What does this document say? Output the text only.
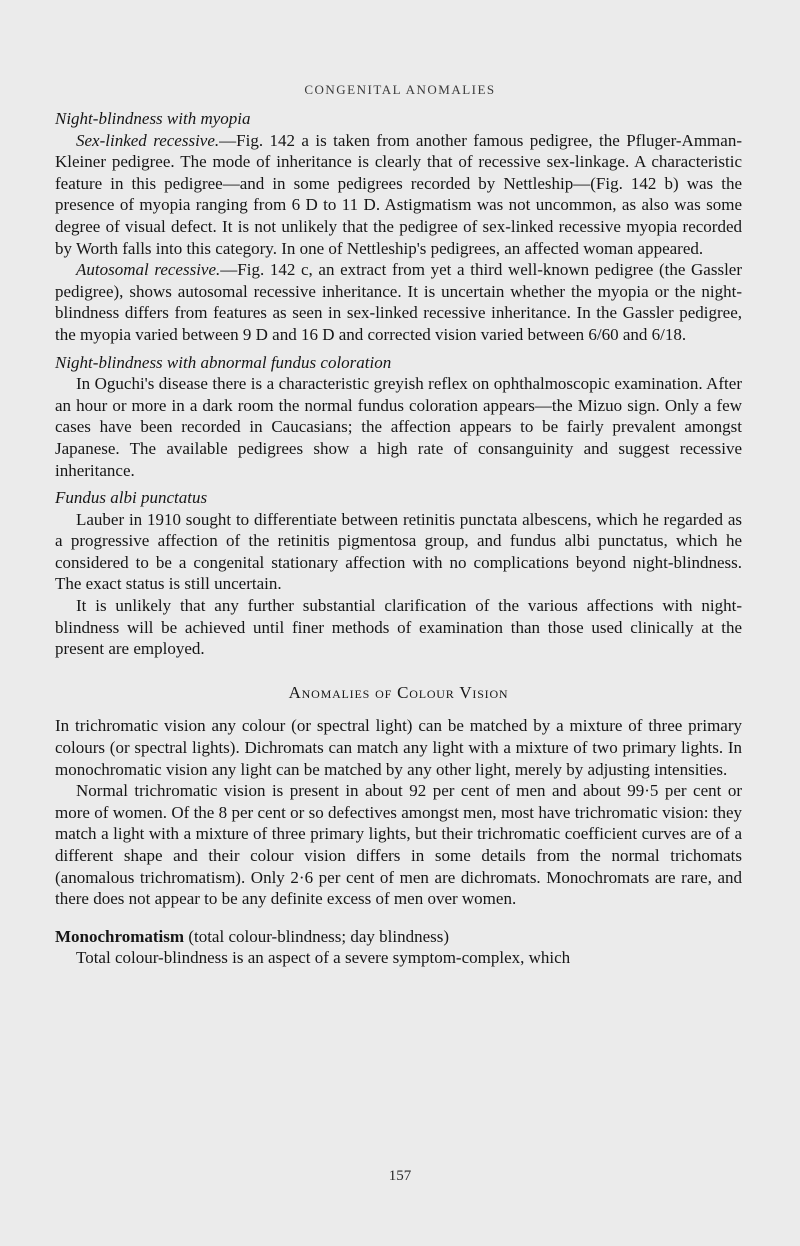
CONGENITAL ANOMALIES
Night-blindness with myopia

Sex-linked recessive.—Fig. 142 a is taken from another famous pedigree, the Pfluger-Amman-Kleiner pedigree. The mode of inheritance is clearly that of recessive sex-linkage. A characteristic feature in this pedigree—and in some pedigrees recorded by Nettleship—(Fig. 142 b) was the presence of myopia ranging from 6 D to 11 D. Astigmatism was not uncommon, as also was some degree of visual defect. It is not unlikely that the pedigree of sex-linked recessive myopia recorded by Worth falls into this category. In one of Nettleship's pedigrees, an affected woman appeared.

Autosomal recessive.—Fig. 142 c, an extract from yet a third well-known pedigree (the Gassler pedigree), shows autosomal recessive inheritance. It is uncertain whether the myopia or the night-blindness differs from features as seen in sex-linked recessive inheritance. In the Gassler pedigree, the myopia varied between 9 D and 16 D and corrected vision varied between 6/60 and 6/18.

Night-blindness with abnormal fundus coloration

In Oguchi's disease there is a characteristic greyish reflex on ophthalmoscopic examination. After an hour or more in a dark room the normal fundus coloration appears—the Mizuo sign. Only a few cases have been recorded in Caucasians; the affection appears to be fairly prevalent amongst Japanese. The available pedigrees show a high rate of consanguinity and suggest recessive inheritance.

Fundus albi punctatus

Lauber in 1910 sought to differentiate between retinitis punctata albescens, which he regarded as a progressive affection of the retinitis pigmentosa group, and fundus albi punctatus, which he considered to be a congenital stationary affection with no complications beyond night-blindness. The exact status is still uncertain.

It is unlikely that any further substantial clarification of the various affections with night-blindness will be achieved until finer methods of examination than those used clinically at the present are employed.

Anomalies of Colour Vision

In trichromatic vision any colour (or spectral light) can be matched by a mixture of three primary colours (or spectral lights). Dichromats can match any light with a mixture of two primary lights. In monochromatic vision any light can be matched by any other light, merely by adjusting intensities.

Normal trichromatic vision is present in about 92 per cent of men and about 99·5 per cent or more of women. Of the 8 per cent or so defectives amongst men, most have trichromatic vision: they match a light with a mixture of three primary lights, but their trichromatic coefficient curves are of a different shape and their colour vision differs in some details from the normal trichomats (anomalous trichromatism). Only 2·6 per cent of men are dichromats. Monochromats are rare, and there does not appear to be any definite excess of men over women.

Monochromatism (total colour-blindness; day blindness)

Total colour-blindness is an aspect of a severe symptom-complex, which

157
